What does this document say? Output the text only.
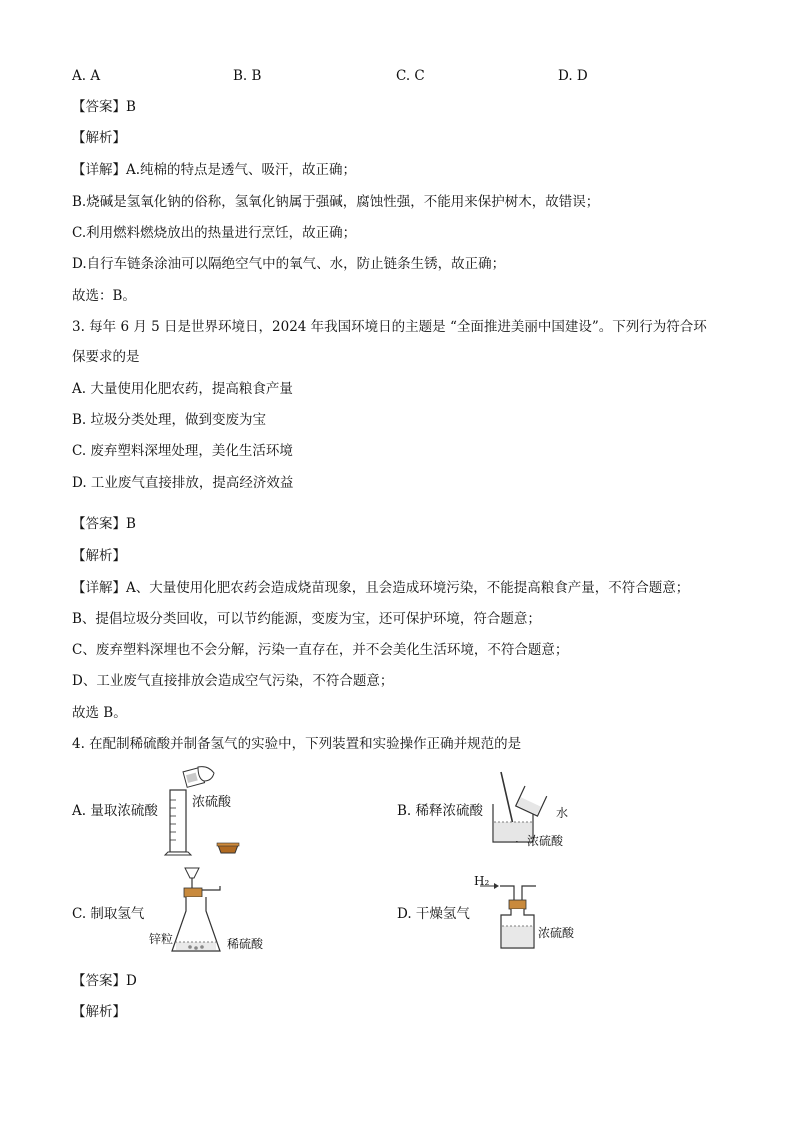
A. A	B. B	C. C	D. D
【答案】B
【解析】
【详解】A.纯棉的特点是透气、吸汗，故正确；
B.烧碱是氢氧化钠的俗称，氢氧化钠属于强碱，腐蚀性强，不能用来保护树木，故错误；
C.利用燃料燃烧放出的热量进行烹饪，故正确；
D.自行车链条涂油可以隔绝空气中的氧气、水，防止链条生锈，故正确；
故选：B。
3. 每年 6 月 5 日是世界环境日，2024 年我国环境日的主题是 “全面推进美丽中国建设”。下列行为符合环
保要求的是
A. 大量使用化肥农药，提高粮食产量
B. 垃圾分类处理，做到变废为宝
C. 废弃塑料深埋处理，美化生活环境
D. 工业废气直接排放，提高经济效益
【答案】B
【解析】
【详解】A、大量使用化肥农药会造成烧苗现象，且会造成环境污染，不能提高粮食产量，不符合题意；
B、提倡垃圾分类回收，可以节约能源，变废为宝，还可保护环境，符合题意；
C、废弃塑料深埋也不会分解，污染一直存在，并不会美化生活环境，不符合题意；
D、工业废气直接排放会造成空气污染，不符合题意；
故选 B。
4. 在配制稀硫酸并制备氢气的实验中，下列装置和实验操作正确并规范的是
A. 量取浓硫酸
浓硫酸
B. 稀释浓硫酸	水
浓硫酸
C. 制取氢气
锌粒	稀硫酸
D. 干燥氢气
H₂
浓硫酸
【答案】D
【解析】
